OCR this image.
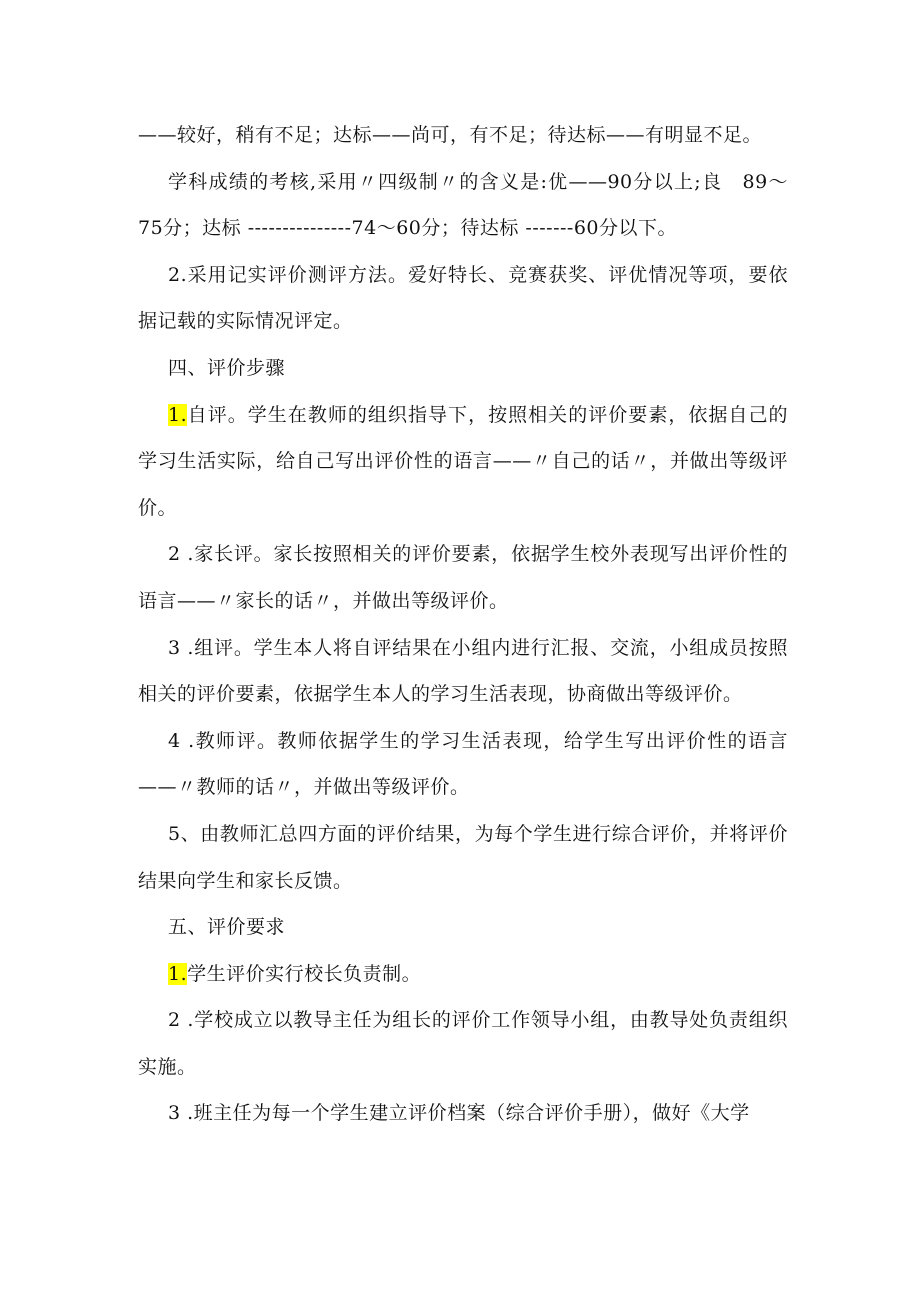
——较好，稍有不足；达标——尚可，有不足；待达标——有明显不足。

学科成绩的考核,采用〃四级制〃的含义是:优——90分以上;良　89～75分；达标 ---------------74～60分；待达标 -------60分以下。

2.采用记实评价测评方法。爱好特长、竞赛获奖、评优情况等项，要依据记载的实际情况评定。

四、评价步骤

1.自评。学生在教师的组织指导下，按照相关的评价要素，依据自己的学习生活实际，给自己写出评价性的语言——〃自己的话〃，并做出等级评价。

2 .家长评。家长按照相关的评价要素，依据学生校外表现写出评价性的语言——〃家长的话〃，并做出等级评价。

3 .组评。学生本人将自评结果在小组内进行汇报、交流，小组成员按照相关的评价要素，依据学生本人的学习生活表现，协商做出等级评价。

4 .教师评。教师依据学生的学习生活表现，给学生写出评价性的语言——〃教师的话〃，并做出等级评价。

5、由教师汇总四方面的评价结果，为每个学生进行综合评价，并将评价结果向学生和家长反馈。

五、评价要求

1.学生评价实行校长负责制。

2 .学校成立以教导主任为组长的评价工作领导小组，由教导处负责组织实施。

3 .班主任为每一个学生建立评价档案（综合评价手册），做好《大学
